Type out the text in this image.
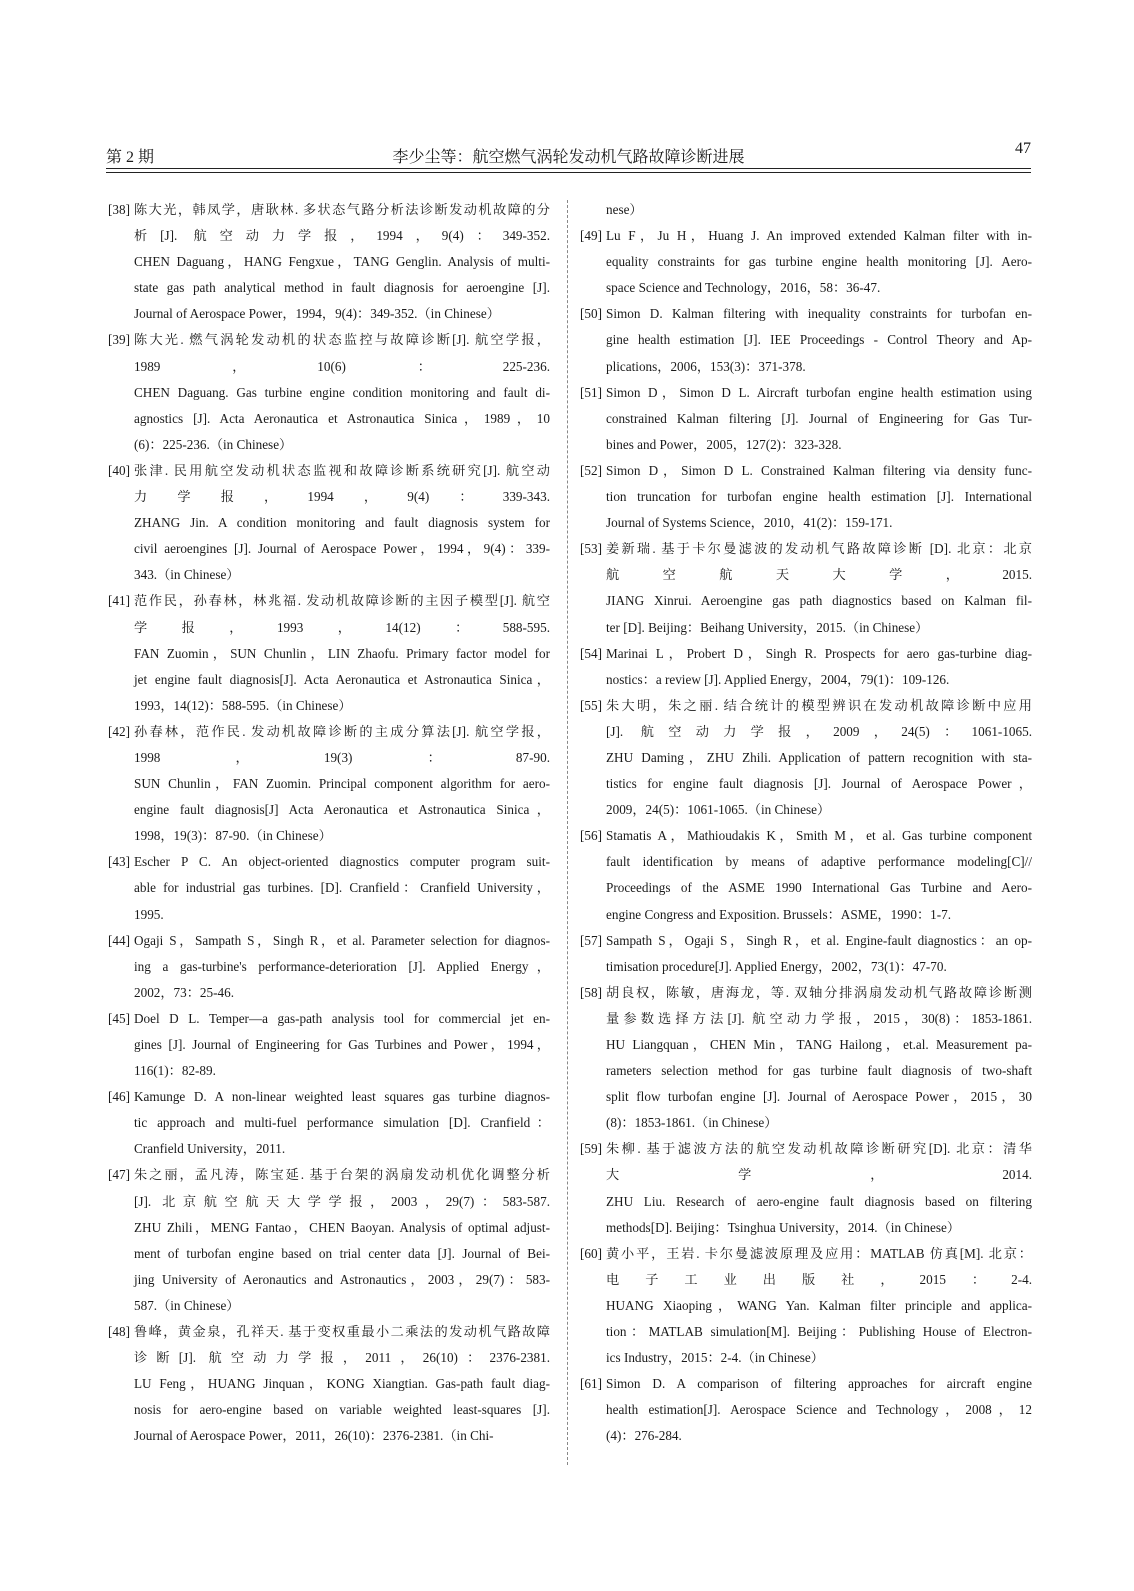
第 2 期	李少尘等：航空燃气涡轮发动机气路故障诊断进展
47
[38] 陈大光，韩凤学，唐耿林. 多状态气路分析法诊断发动机故障的分
析[J]. 航空动力学报，1994，9(4)：349-352.
CHEN Daguang，HANG Fengxue，TANG Genglin. Analysis of multi-
state gas path analytical method in fault diagnosis for aeroengine [J].
Journal of Aerospace Power，1994，9(4)：349-352.（in Chinese）
[39] 陈大光. 燃气涡轮发动机的状态监控与故障诊断[J]. 航空学报，
1989，10(6)：225-236.
CHEN Daguang. Gas turbine engine condition monitoring and fault di-
agnostics [J]. Acta Aeronautica et Astronautica Sinica，1989，10
(6)：225-236.（in Chinese）
[40] 张津. 民用航空发动机状态监视和故障诊断系统研究[J]. 航空动
力学报，1994，9(4)：339-343.
ZHANG Jin. A condition monitoring and fault diagnosis system for
civil aeroengines [J]. Journal of Aerospace Power，1994，9(4)：339-
343.（in Chinese）
[41] 范作民，孙春林，林兆福. 发动机故障诊断的主因子模型[J]. 航空
学报，1993，14(12)：588-595.
FAN Zuomin，SUN Chunlin，LIN Zhaofu. Primary factor model for
jet engine fault diagnosis[J]. Acta Aeronautica et Astronautica Sinica，
1993，14(12)：588-595.（in Chinese）
[42] 孙春林，范作民. 发动机故障诊断的主成分算法[J]. 航空学报，
1998，19(3)：87-90.
SUN Chunlin，FAN Zuomin. Principal component algorithm for aero-
engine fault diagnosis[J] Acta Aeronautica et Astronautica Sinica，
1998，19(3)：87-90.（in Chinese）
[43] Escher P C. An object-oriented diagnostics computer program suit-
able for industrial gas turbines. [D]. Cranfield：Cranfield University，
1995.
[44] Ogaji S，Sampath S，Singh R，et al. Parameter selection for diagnos-
ing a gas-turbine's performance-deterioration [J]. Applied Energy，
2002，73：25-46.
[45] Doel D L. Temper—a gas-path analysis tool for commercial jet en-
gines [J]. Journal of Engineering for Gas Turbines and Power，1994，
116(1)：82-89.
[46] Kamunge D. A non-linear weighted least squares gas turbine diagnos-
tic approach and multi-fuel performance simulation [D]. Cranfield：
Cranfield University，2011.
[47] 朱之丽，孟凡涛，陈宝延. 基于台架的涡扇发动机优化调整分析
[J]. 北京航空航天大学学报，2003，29(7)：583-587.
ZHU Zhili，MENG Fantao，CHEN Baoyan. Analysis of optimal adjust-
ment of turbofan engine based on trial center data [J]. Journal of Bei-
jing University of Aeronautics and Astronautics，2003，29(7)：583-
587.（in Chinese）
[48] 鲁峰，黄金泉，孔祥天. 基于变权重最小二乘法的发动机气路故障
诊断[J]. 航空动力学报，2011，26(10)：2376-2381.
LU Feng，HUANG Jinquan，KONG Xiangtian. Gas-path fault diag-
nosis for aero-engine based on variable weighted least-squares [J].
Journal of Aerospace Power，2011，26(10)：2376-2381.（in Chi-
nese）
[49] Lu F，Ju H，Huang J. An improved extended Kalman filter with in-
equality constraints for gas turbine engine health monitoring [J]. Aero-
space Science and Technology，2016，58：36-47.
[50] Simon D. Kalman filtering with inequality constraints for turbofan en-
gine health estimation [J]. IEE Proceedings - Control Theory and Ap-
plications，2006，153(3)：371-378.
[51] Simon D，Simon D L. Aircraft turbofan engine health estimation using
constrained Kalman filtering [J]. Journal of Engineering for Gas Tur-
bines and Power，2005，127(2)：323-328.
[52] Simon D，Simon D L. Constrained Kalman filtering via density func-
tion truncation for turbofan engine health estimation [J]. International
Journal of Systems Science，2010，41(2)：159-171.
[53] 姜新瑞. 基于卡尔曼滤波的发动机气路故障诊断 [D]. 北京：北京
航空航天大学，2015.
JIANG Xinrui. Aeroengine gas path diagnostics based on Kalman fil-
ter [D]. Beijing：Beihang University，2015.（in Chinese）
[54] Marinai L，Probert D，Singh R. Prospects for aero gas-turbine diag-
nostics：a review [J]. Applied Energy，2004，79(1)：109-126.
[55] 朱大明，朱之丽. 结合统计的模型辨识在发动机故障诊断中应用
[J]. 航空动力学报，2009，24(5)：1061-1065.
ZHU Daming，ZHU Zhili. Application of pattern recognition with sta-
tistics for engine fault diagnosis [J]. Journal of Aerospace Power，
2009，24(5)：1061-1065.（in Chinese）
[56] Stamatis A，Mathioudakis K，Smith M，et al. Gas turbine component
fault identification by means of adaptive performance modeling[C]//
Proceedings of the ASME 1990 International Gas Turbine and Aero-
engine Congress and Exposition. Brussels：ASME，1990：1-7.
[57] Sampath S，Ogaji S，Singh R，et al. Engine-fault diagnostics：an op-
timisation procedure[J]. Applied Energy，2002，73(1)：47-70.
[58] 胡良权，陈敏，唐海龙，等. 双轴分排涡扇发动机气路故障诊断测
量参数选择方法[J]. 航空动力学报，2015，30(8)：1853-1861.
HU Liangquan，CHEN Min，TANG Hailong，et.al. Measurement pa-
rameters selection method for gas turbine fault diagnosis of two-shaft
split flow turbofan engine [J]. Journal of Aerospace Power，2015，30
(8)：1853-1861.（in Chinese）
[59] 朱柳. 基于滤波方法的航空发动机故障诊断研究[D]. 北京：清华
大学，2014.
ZHU Liu. Research of aero-engine fault diagnosis based on filtering
methods[D]. Beijing：Tsinghua University，2014.（in Chinese）
[60] 黄小平，王岩. 卡尔曼滤波原理及应用：MATLAB 仿真[M]. 北京：
电子工业出版社，2015：2-4.
HUANG Xiaoping，WANG Yan. Kalman filter principle and applica-
tion：MATLAB simulation[M]. Beijing：Publishing House of Electron-
ics Industry，2015：2-4.（in Chinese）
[61] Simon D. A comparison of filtering approaches for aircraft engine
health estimation[J]. Aerospace Science and Technology，2008，12
(4)：276-284.
